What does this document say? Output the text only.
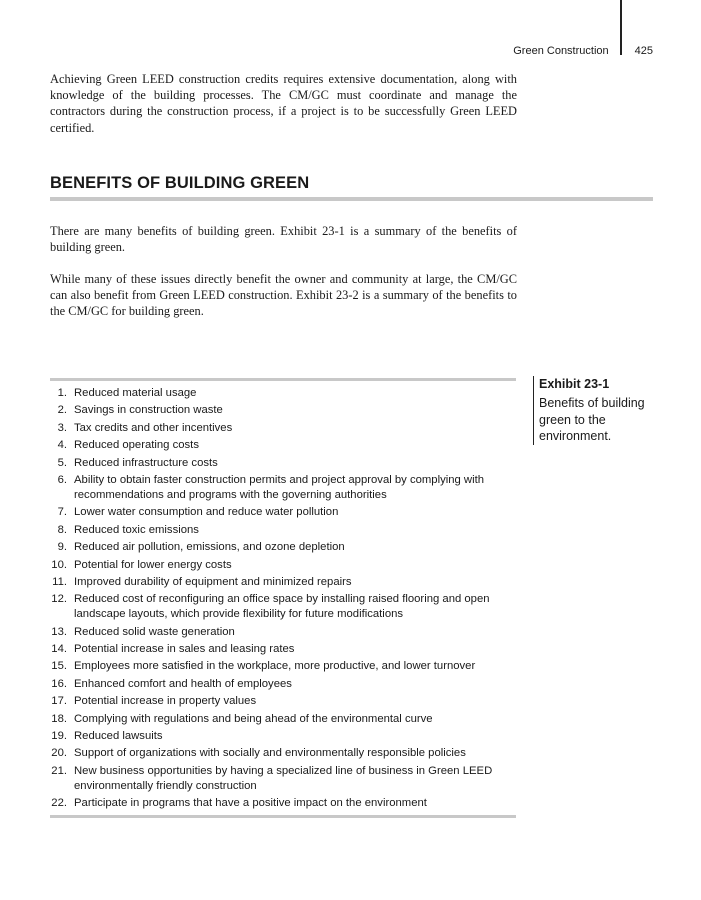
Green Construction 425

Achieving Green LEED construction credits requires extensive documentation, along with knowledge of the building processes. The CM/GC must coordinate and manage the contractors during the construction process, if a project is to be successfully Green LEED certified.

BENEFITS OF BUILDING GREEN

There are many benefits of building green. Exhibit 23-1 is a summary of the benefits of building green.

While many of these issues directly benefit the owner and community at large, the CM/GC can also benefit from Green LEED construction. Exhibit 23-2 is a summary of the benefits to the CM/GC for building green.

1. Reduced material usage
2. Savings in construction waste
3. Tax credits and other incentives
4. Reduced operating costs
5. Reduced infrastructure costs
6. Ability to obtain faster construction permits and project approval by complying with recommendations and programs with the governing authorities
7. Lower water consumption and reduce water pollution
8. Reduced toxic emissions
9. Reduced air pollution, emissions, and ozone depletion
10. Potential for lower energy costs
11. Improved durability of equipment and minimized repairs
12. Reduced cost of reconfiguring an office space by installing raised flooring and open landscape layouts, which provide flexibility for future modifications
13. Reduced solid waste generation
14. Potential increase in sales and leasing rates
15. Employees more satisfied in the workplace, more productive, and lower turnover
16. Enhanced comfort and health of employees
17. Potential increase in property values
18. Complying with regulations and being ahead of the environmental curve
19. Reduced lawsuits
20. Support of organizations with socially and environmentally responsible policies
21. New business opportunities by having a specialized line of business in Green LEED environmentally friendly construction
22. Participate in programs that have a positive impact on the environment
Exhibit 23-1
Benefits of building green to the environment.
